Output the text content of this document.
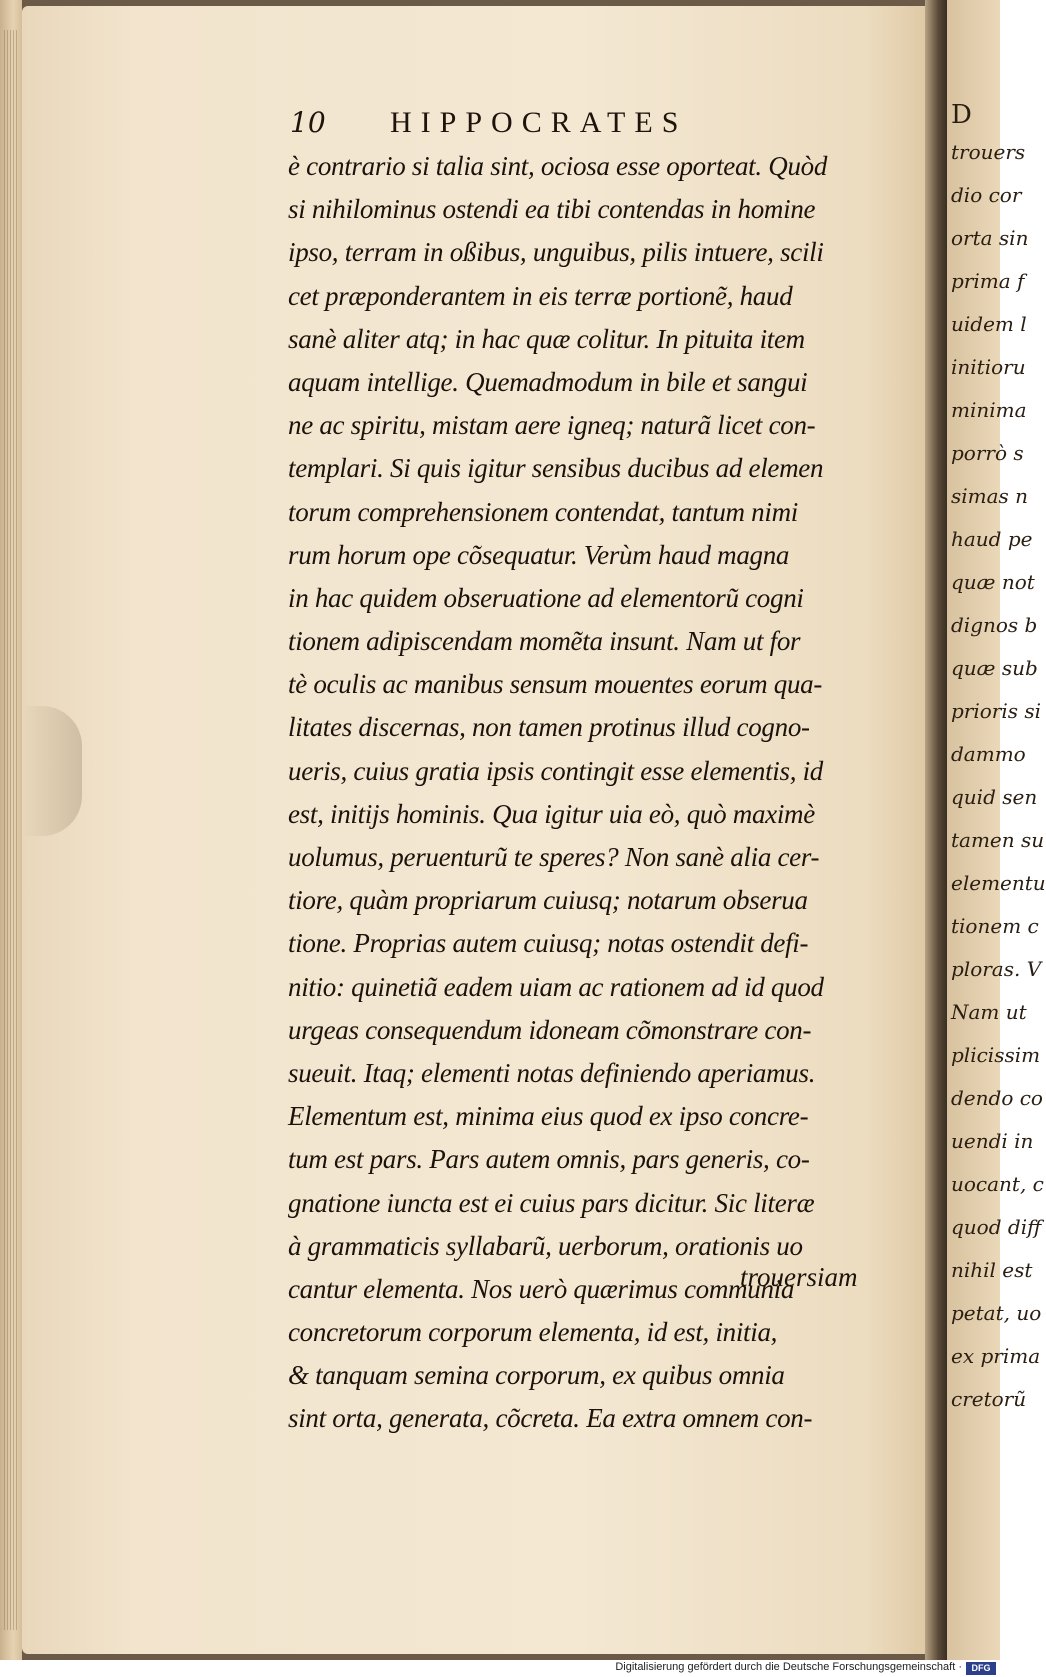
10 HIPPOCRATES
è contrario si talia sint, ociosa esse oporteat. Quòd
si nihilominus ostendi ea tibi contendas in homine
ipso, terram in oßibus, unguibus, pilis intuere, scili
cet præponderantem in eis terræ portionẽ, haud
sanè aliter atq; in hac quæ colitur. In pituita item
aquam intellige. Quemadmodum in bile et sangui
ne ac spiritu, mistam aere igneq; naturã licet con-
templari. Si quis igitur sensibus ducibus ad elemen
torum comprehensionem contendat, tantum nimi
rum horum ope cõsequatur. Verùm haud magna
in hac quidem obseruatione ad elementorũ cogni
tionem adipiscendam momẽta insunt. Nam ut for
tè oculis ac manibus sensum mouentes eorum qua-
litates discernas, non tamen protinus illud cogno-
ueris, cuius gratia ipsis contingit esse elementis, id
est, initijs hominis. Qua igitur uia eò, quò maximè
uolumus, peruenturũ te speres? Non sanè alia cer-
tiore, quàm propriarum cuiusq; notarum obserua
tione. Proprias autem cuiusq; notas ostendit defi-
nitio: quinetiã eadem uiam ac rationem ad id quod
urgeas consequendum idoneam cõmonstrare con-
sueuit. Itaq; elementi notas definiendo aperiamus.
Elementum est, minima eius quod ex ipso concre-
tum est pars. Pars autem omnis, pars generis, co-
gnatione iuncta est ei cuius pars dicitur. Sic literæ
à grammaticis syllabarũ, uerborum, orationis uo
cantur elementa. Nos uerò quærimus communia
concretorum corporum elementa, id est, initia,
& tanquam semina corporum, ex quibus omnia
sint orta, generata, cõcreta. Ea extra omnem con-
trouersiam
D
trouers
dio cor
orta sin
prima f
uidem l
initioru
minima
porrò s
simas n
haud pe
quæ not
dignos b
quæ sub
prioris si
dammo
quid sen
tamen su
elementu
tionem c
ploras. V
Nam ut
plicissim
dendo co
uendi in
uocant, c
quod diff
nihil est
petat, uo
ex prima
cretorũ
Digitalisierung gefördert durch die Deutsche Forschungsgemeinschaft ·	DFG
